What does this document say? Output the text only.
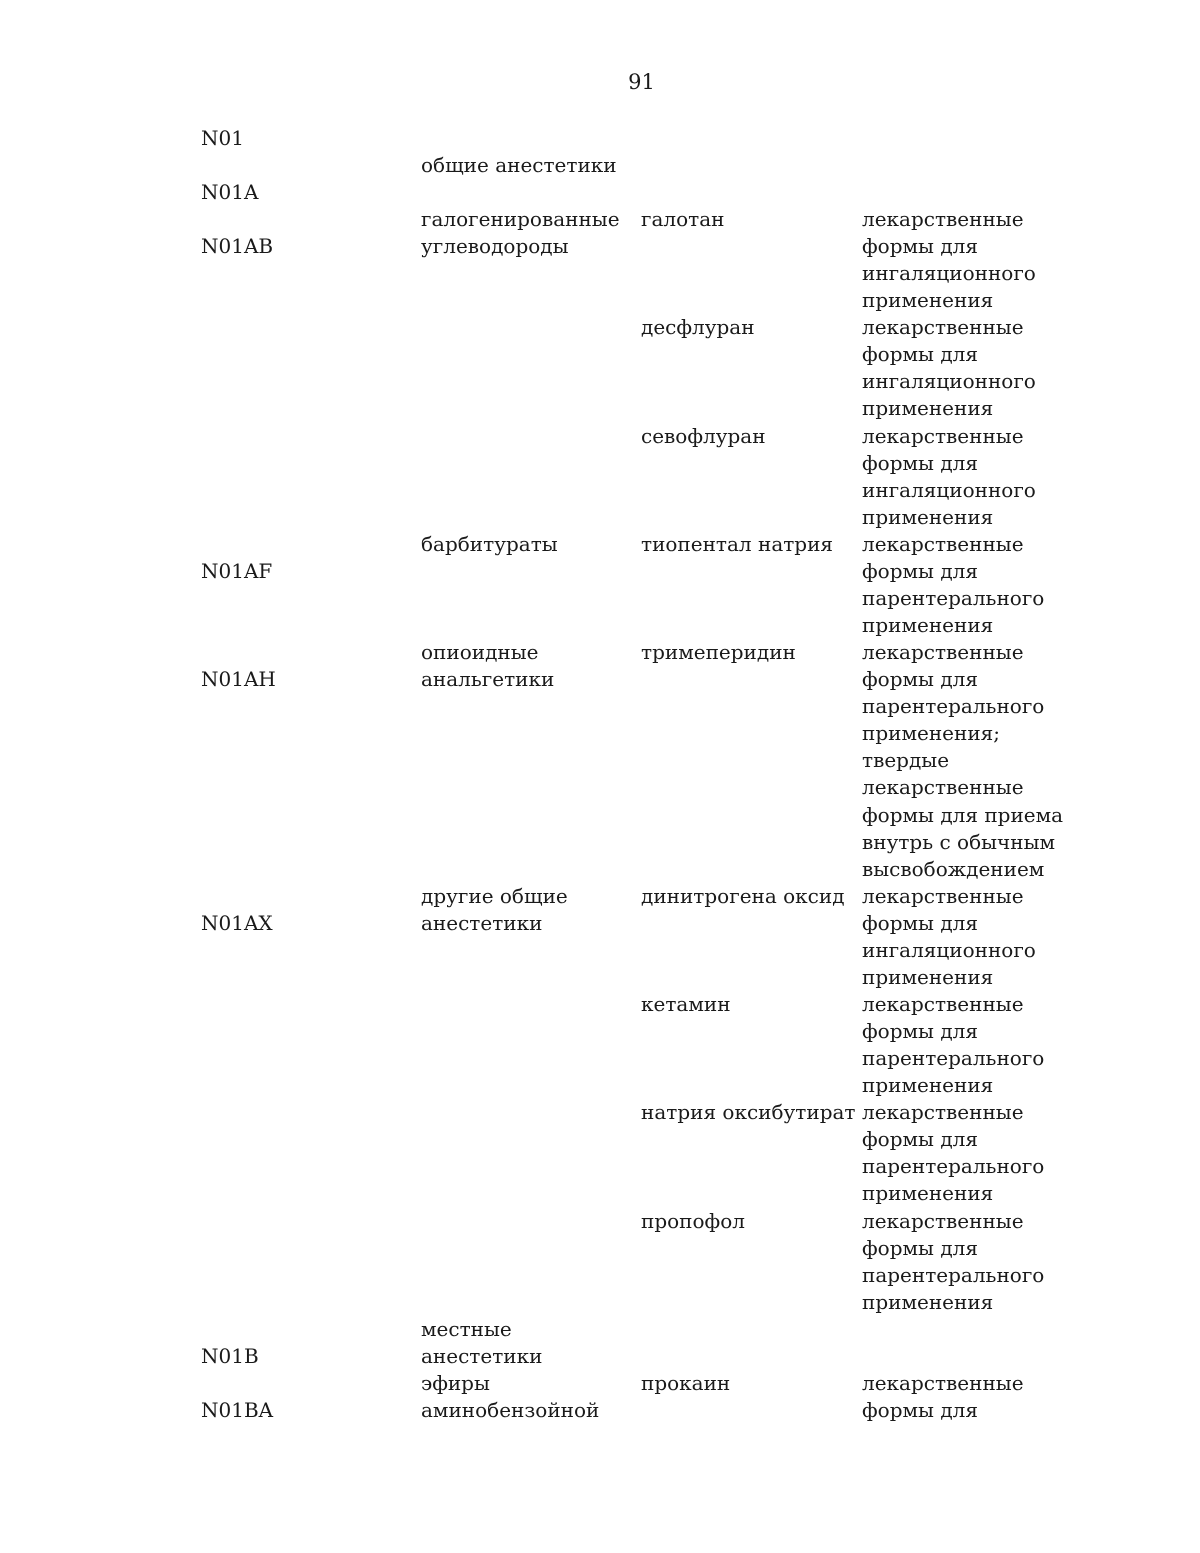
91
N01
N01A
N01AB
N01AF
N01AH
N01AX
N01B
N01BA
общие анестетики
галогенированные
углеводороды
барбитураты
опиоидные
анальгетики
другие общие
анестетики
местные анестетики
эфиры
aминобензойной
галотан
десфлуран
севофлуран
тиопентал натрия
тримеперидин
динитрогена оксид
кетамин
натрия оксибутират
пропофол
прокаин
лекарственные
формы для
ингаляционного
применения
лекарственные
формы для
ингаляционного
применения
лекарственные
формы для
ингаляционного
применения
лекарственные
формы для
парентерального
применения
лекарственные
формы для
парентерального
применения;
твердые
лекарственные
формы для приема
внутрь с обычным
высвобождением
лекарственные
формы для
ингаляционного
применения
лекарственные
формы для
парентерального
применения
лекарственные
формы для
парентерального
применения
лекарственные
формы для
парентерального
применения
лекарственные
формы для
